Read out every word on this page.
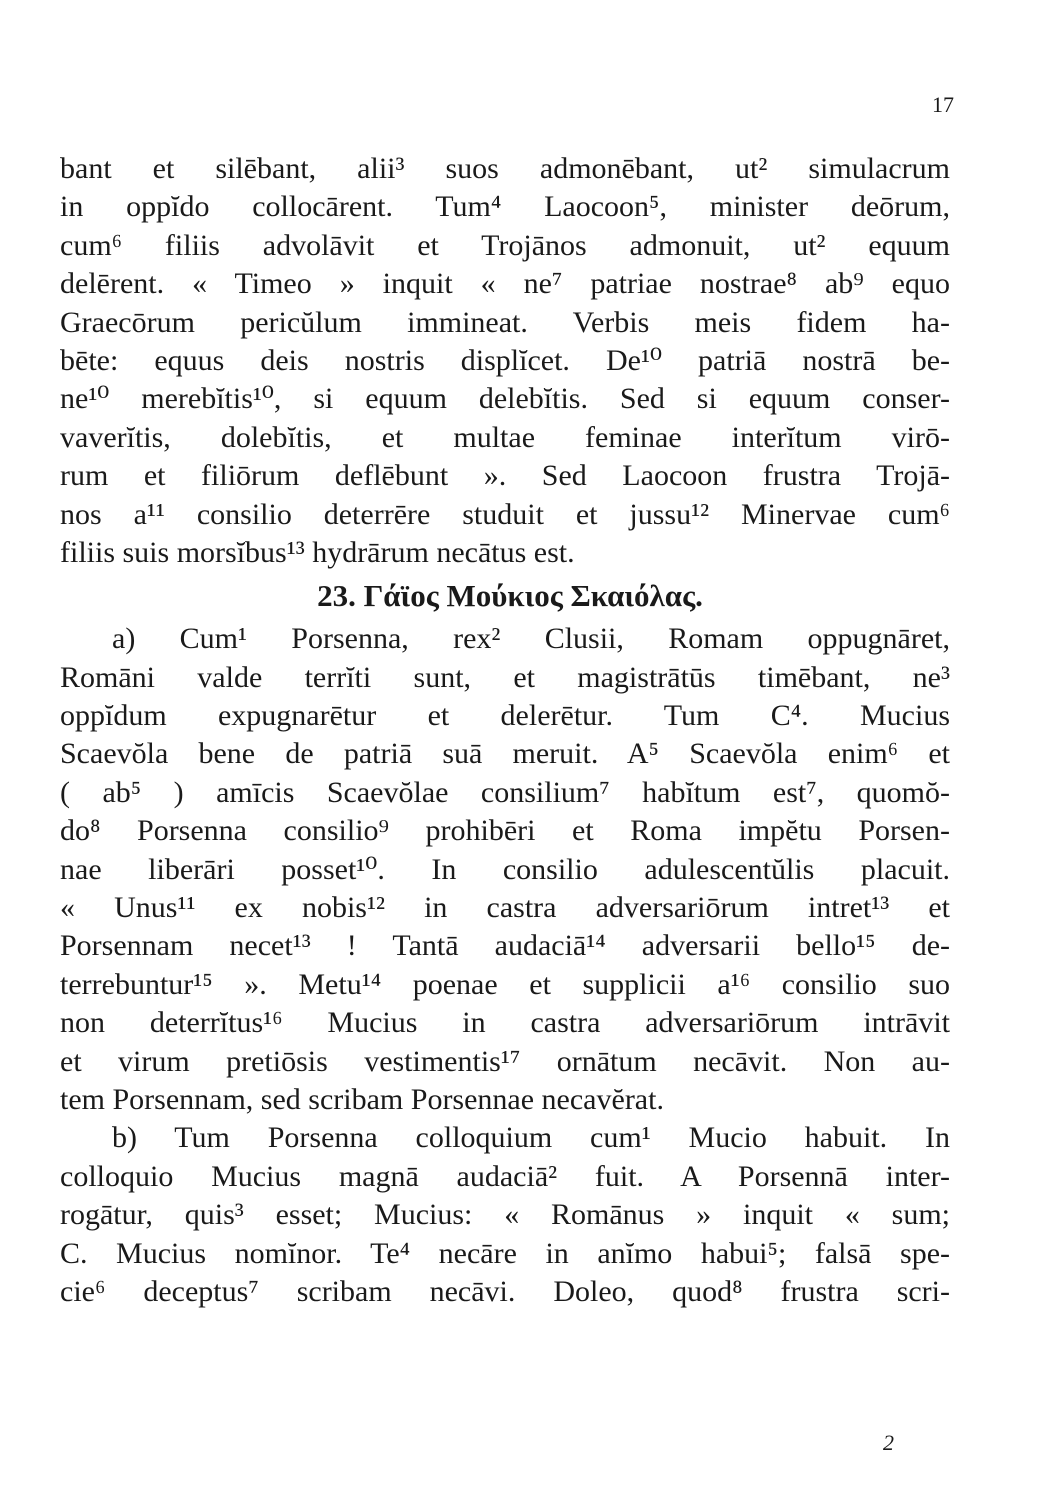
17
bant et silēbant, alii³ suos admonēbant, ut² simulacrum
in oppĭdo collocārent. Tum⁴ Laocoon⁵, minister deōrum,
cum⁶ filiis advolāvit et Trojānos admonuit, ut² equum
delērent. « Timeo » inquit « ne⁷ patriae nostrae⁸ ab⁹ equo
Graecōrum pericŭlum immineat. Verbis meis fidem ha-
bēte: equus deis nostris displĭcet. De¹⁰ patriā nostrā be-
ne¹⁰ merebĭtis¹⁰, si equum delebĭtis. Sed si equum conser-
vaverĭtis, dolebĭtis, et multae feminae interĭtum virō-
rum et filiōrum deflēbunt ». Sed Laocoon frustra Trojā-
nos a¹¹ consilio deterrēre studuit et jussu¹² Minervae cum⁶
filiis suis morsĭbus¹³ hydrārum necātus est.
23. Γάϊος Μούκιος Σκαιόλας.
a) Cum¹ Porsenna, rex² Clusii, Romam oppugnāret,
Romāni valde terrĭti sunt, et magistrātūs timēbant, ne³
oppĭdum expugnarētur et delerētur. Tum C⁴. Mucius
Scaevŏla bene de patriā suā meruit. A⁵ Scaevŏla enim⁶ et
( ab⁵ ) amīcis Scaevŏlae consilium⁷ habĭtum est⁷, quomŏ-
do⁸ Porsenna consilio⁹ prohibēri et Roma impĕtu Porsen-
nae liberāri posset¹⁰. In consilio adulescentŭlis placuit.
« Unus¹¹ ex nobis¹² in castra adversariōrum intret¹³ et
Porsennam necet¹³ ! Tantā audaciā¹⁴ adversarii bello¹⁵ de-
terrebuntur¹⁵ ». Metu¹⁴ poenae et supplicii a¹⁶ consilio suo
non deterrĭtus¹⁶ Mucius in castra adversariōrum intrāvit
et virum pretiōsis vestimentis¹⁷ ornātum necāvit. Non au-
tem Porsennam, sed scribam Porsennae necavĕrat.
b) Tum Porsenna colloquium cum¹ Mucio habuit. In
colloquio Mucius magnā audaciā² fuit. A Porsennā inter-
rogātur, quis³ esset; Mucius: « Romānus » inquit « sum;
C. Mucius nomĭnor. Te⁴ necāre in anĭmo habui⁵; falsā spe-
cie⁶ deceptus⁷ scribam necāvi. Doleo, quod⁸ frustra scri-
2
